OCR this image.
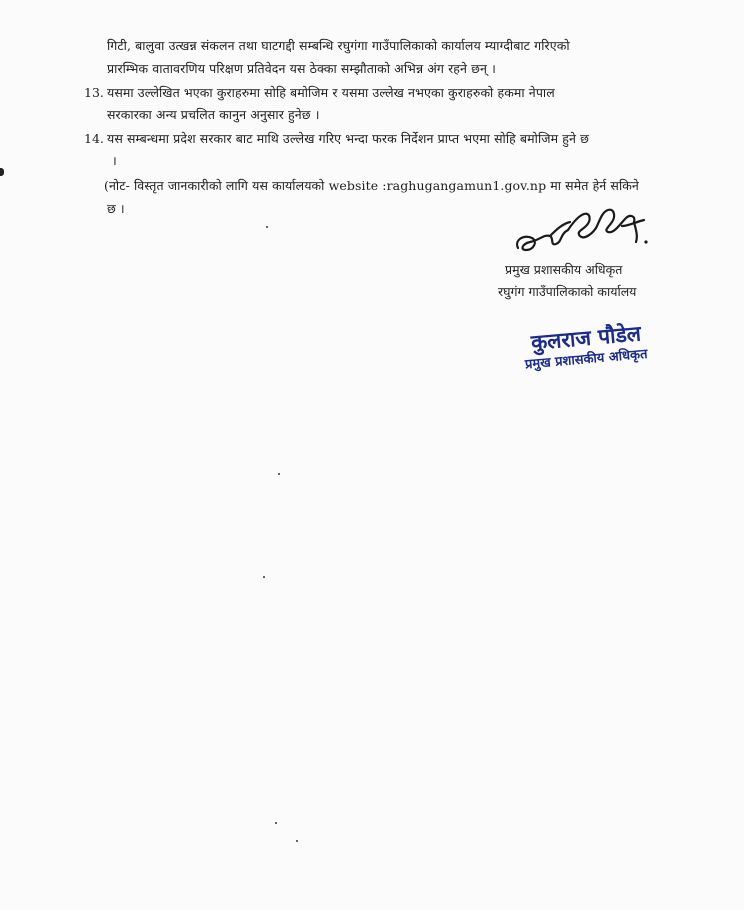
गिटी, बालुवा उत्खन्न संकलन तथा घाटगद्दी सम्बन्धि रघुगंगा गाउँपालिकाको कार्यालय म्याग्दीबाट गरिएको
प्रारम्भिक वातावरणिय परिक्षण प्रतिवेदन यस ठेक्का सम्झौताको अभिन्न अंग रहने छन् ।
13. यसमा उल्लेखित भएका कुराहरुमा सोहि बमोजिम र यसमा उल्लेख नभएका कुराहरुको हकमा नेपाल
सरकारका अन्य प्रचलित कानुन अनुसार हुनेछ ।
14. यस सम्बन्धमा प्रदेश सरकार बाट माथि उल्लेख गरिए भन्दा फरक निर्देशन प्राप्त भएमा सोहि बमोजिम हुने छ
।
(नोट- विस्तृत जानकारीको लागि यस कार्यालयको website :raghugangamun1.gov.np मा समेत हेर्न सकिने
छ ।
प्रमुख प्रशासकीय अधिकृत
रघुगंग गाउँपालिकाको कार्यालय
कुलराज पौडेल
प्रमुख प्रशासकीय अधिकृत
